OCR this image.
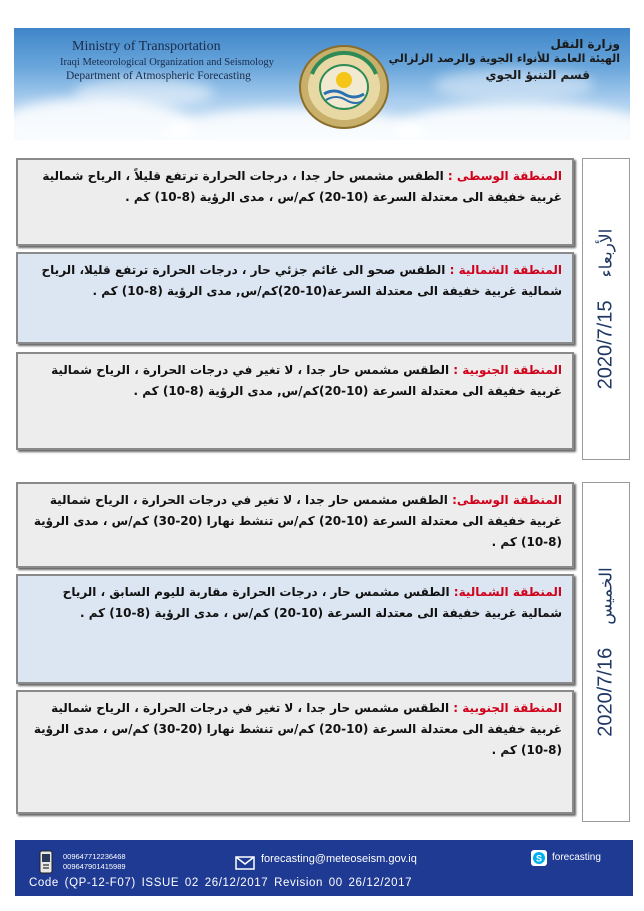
Ministry of Transportation
Iraqi Meteorological Organization and Seismology
Department of Atmospheric Forecasting
وزارة النقل
الهيئة العامة للأنواء الجوية والرصد الزلزالي
قسم التنبؤ الجوي
2020/7/15 الأربعاء
المنطقة الوسطى : الطقس مشمس حار جدا ، درجات الحرارة ترتفع قليلاً ، الرياح شمالية غربية خفيفة الى معتدلة السرعة (10-20) كم/س ، مدى الرؤية (8-10) كم .
المنطقة الشمالية : الطقس صحو الى غائم جزئي حار ، درجات الحرارة ترتفع قليلا، الرياح شمالية غربية خفيفة الى معتدلة السرعة(10-20)كم/س, مدى الرؤية (8-10) كم .
المنطقة الجنوبية : الطقس مشمس حار جدا ، لا تغير في درجات الحرارة ، الرياح شمالية غربية خفيفة الى معتدلة السرعة (10-20)كم/س, مدى الرؤية (8-10) كم .
2020/7/16 الخميس
المنطقة الوسطى: الطقس مشمس حار جدا ، لا تغير في درجات الحرارة ، الرياح شمالية غربية خفيفة الى معتدلة السرعة (10-20) كم/س تنشط نهارا (20-30) كم/س ، مدى الرؤية (8-10) كم .
المنطقة الشمالية: الطقس مشمس حار ، درجات الحرارة مقاربة لليوم السابق ، الرياح شمالية غربية خفيفة الى معتدلة السرعة (10-20) كم/س ، مدى الرؤية (8-10) كم .
المنطقة الجنوبية : الطقس مشمس حار جدا ، لا تغير في درجات الحرارة ، الرياح شمالية غربية خفيفة الى معتدلة السرعة (10-20) كم/س تنشط نهارا (20-30) كم/س ، مدى الرؤية (8-10) كم .
009647712236468
009647901415989
forecasting@meteoseism.gov.iq	S forecasting
Code (QP-12-F07) ISSUE 02 26/12/2017 Revision 00 26/12/2017
